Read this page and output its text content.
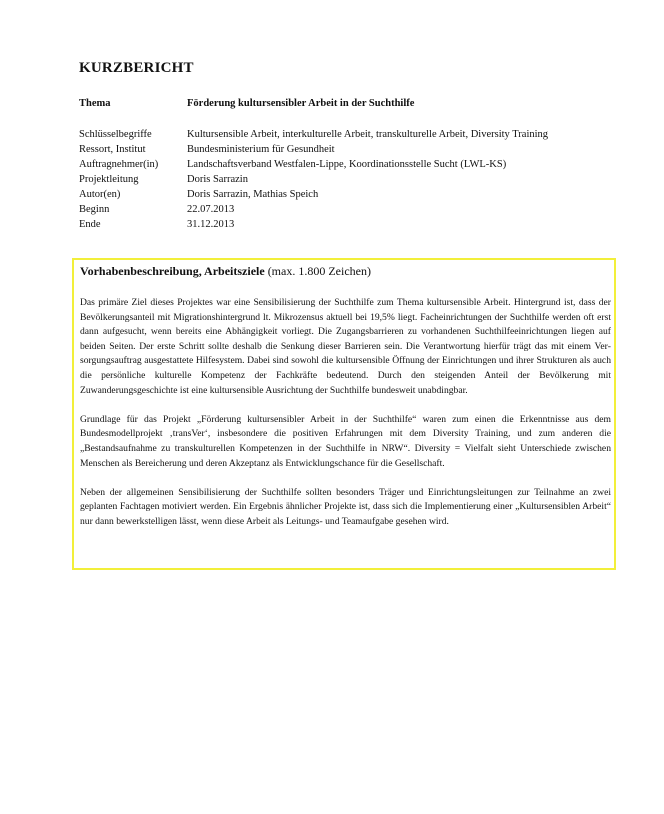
KURZBERICHT
Thema	Förderung kultursensibler Arbeit in der Suchthilfe
Schlüsselbegriffe	Kultursensible Arbeit, interkulturelle Arbeit, transkulturelle Arbeit, Diversity Training
Ressort, Institut	Bundesministerium für Gesundheit
Auftragnehmer(in)	Landschaftsverband Westfalen-Lippe, Koordinationsstelle Sucht (LWL-KS)
Projektleitung	Doris Sarrazin
Autor(en)	Doris Sarrazin, Mathias Speich
Beginn	22.07.2013
Ende	31.12.2013
Vorhabenbeschreibung, Arbeitsziele (max. 1.800 Zeichen)

Das primäre Ziel dieses Projektes war eine Sensibilisierung der Suchthilfe zum Thema kultursensible Arbeit. Hintergrund ist, dass der Bevölkerungsanteil mit Migrationshintergrund lt. Mikrozensus aktuell bei 19,5% liegt. Facheinrichtungen der Suchthilfe werden oft erst dann aufgesucht, wenn bereits eine Abhängigkeit vorliegt. Die Zugangsbarrieren zu vorhandenen Suchthilfeeinrichtungen liegen auf beiden Seiten. Der erste Schritt sollte deshalb die Senkung dieser Barrieren sein. Die Verantwortung hierfür trägt das mit einem Versorgungsauftrag ausgestattete Hilfesystem. Dabei sind sowohl die kultursensible Öffnung der Einrichtungen und ihrer Strukturen als auch die persönliche kulturelle Kompetenz der Fachkräfte bedeutend. Durch den steigenden Anteil der Bevölkerung mit Zuwanderungsgeschichte ist eine kultursensible Ausrichtung der Suchthilfe bundesweit unabdingbar.

Grundlage für das Projekt „Förderung kultursensibler Arbeit in der Suchthilfe“ waren zum einen die Erkenntnisse aus dem Bundesmodellprojekt ‚transVer‘, insbesondere die positiven Erfahrungen mit dem Diversity Training, und zum anderen die „Bestandsaufnahme zu transkulturellen Kompetenzen in der Suchthilfe in NRW“. Diversity = Vielfalt sieht Unterschiede zwischen Menschen als Bereicherung und deren Akzeptanz als Entwicklungschance für die Gesellschaft.

Neben der allgemeinen Sensibilisierung der Suchthilfe sollten besonders Träger und Einrichtungsleitungen zur Teilnahme an zwei geplanten Fachtagen motiviert werden. Ein Ergebnis ähnlicher Projekte ist, dass sich die Implementierung einer „Kultursensiblen Arbeit“ nur dann bewerkstelligen lässt, wenn diese Arbeit als Leitungs- und Teamaufgabe gesehen wird.
